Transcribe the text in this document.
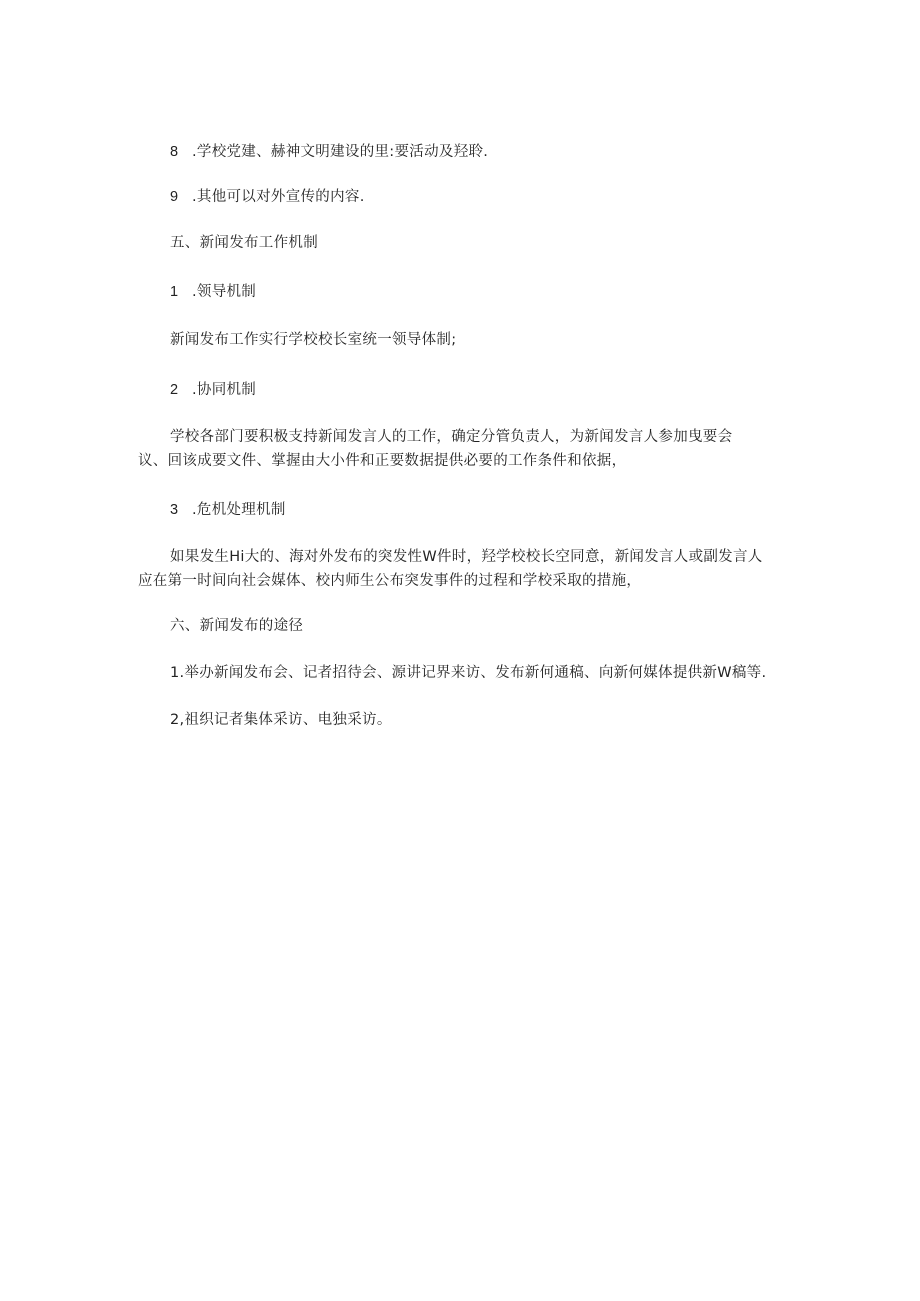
8 .学校党建、赫神文明建设的里:要活动及羟聆.
9 .其他可以对外宣传的内容.
五、新闻发布工作机制
1 .领导机制
新闻发布工作实行学校校长室统一领导体制;
2 .协同机制
学校各部门要积极支持新闻发言人的工作，确定分管负责人，为新闻发言人参加曳要会
议、回该成要文件、掌握由大小件和正要数据提供必要的工作条件和依据，
3 .危机处理机制
如果发生Hi大的、海对外发布的突发性W件时，羟学校校长空同意，新闻发言人或副发言人
应在第一时间向社会媒体、校内师生公布突发事件的过程和学校采取的措施，
六、新闻发布的途径
1.举办新闻发布会、记者招待会、源讲记界来访、发布新何通稿、向新何媒体提供新W稿等.
2,祖织记者集体采访、电独采访。
